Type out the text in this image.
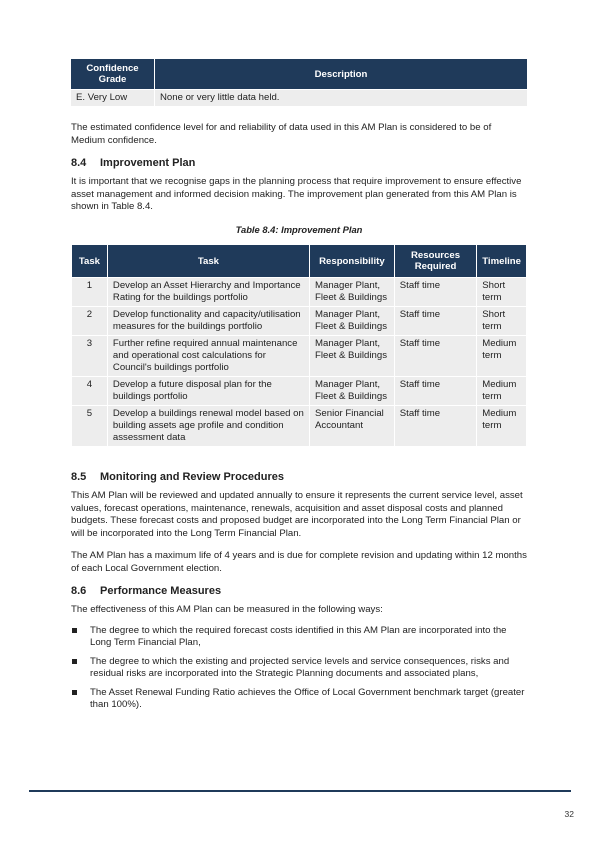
Confidence Grade	Description
E. Very Low	None or very little data held.

The estimated confidence level for and reliability of data used in this AM Plan is considered to be of Medium confidence.

8.4 Improvement Plan

It is important that we recognise gaps in the planning process that require improvement to ensure effective asset management and informed decision making. The improvement plan generated from this AM Plan is shown in Table 8.4.

Table 8.4: Improvement Plan

Task	Task	Responsibility	Resources Required	Timeline
1	Develop an Asset Hierarchy and Importance Rating for the buildings portfolio	Manager Plant, Fleet & Buildings	Staff time	Short term
2	Develop functionality and capacity/utilisation measures for the buildings portfolio	Manager Plant, Fleet & Buildings	Staff time	Short term
3	Further refine required annual maintenance and operational cost calculations for Council's buildings portfolio	Manager Plant, Fleet & Buildings	Staff time	Medium term
4	Develop a future disposal plan for the buildings portfolio	Manager Plant, Fleet & Buildings	Staff time	Medium term
5	Develop a buildings renewal model based on building assets age profile and condition assessment data	Senior Financial Accountant	Staff time	Medium term
8.5 Monitoring and Review Procedures

This AM Plan will be reviewed and updated annually to ensure it represents the current service level, asset values, forecast operations, maintenance, renewals, acquisition and asset disposal costs and planned budgets. These forecast costs and proposed budget are incorporated into the Long Term Financial Plan or will be incorporated into the Long Term Financial Plan.

The AM Plan has a maximum life of 4 years and is due for complete revision and updating within 12 months of each Local Government election.

8.6 Performance Measures

The effectiveness of this AM Plan can be measured in the following ways:

The degree to which the required forecast costs identified in this AM Plan are incorporated into the Long Term Financial Plan,
The degree to which the existing and projected service levels and service consequences, risks and residual risks are incorporated into the Strategic Planning documents and associated plans,
The Asset Renewal Funding Ratio achieves the Office of Local Government benchmark target (greater than 100%).
32
